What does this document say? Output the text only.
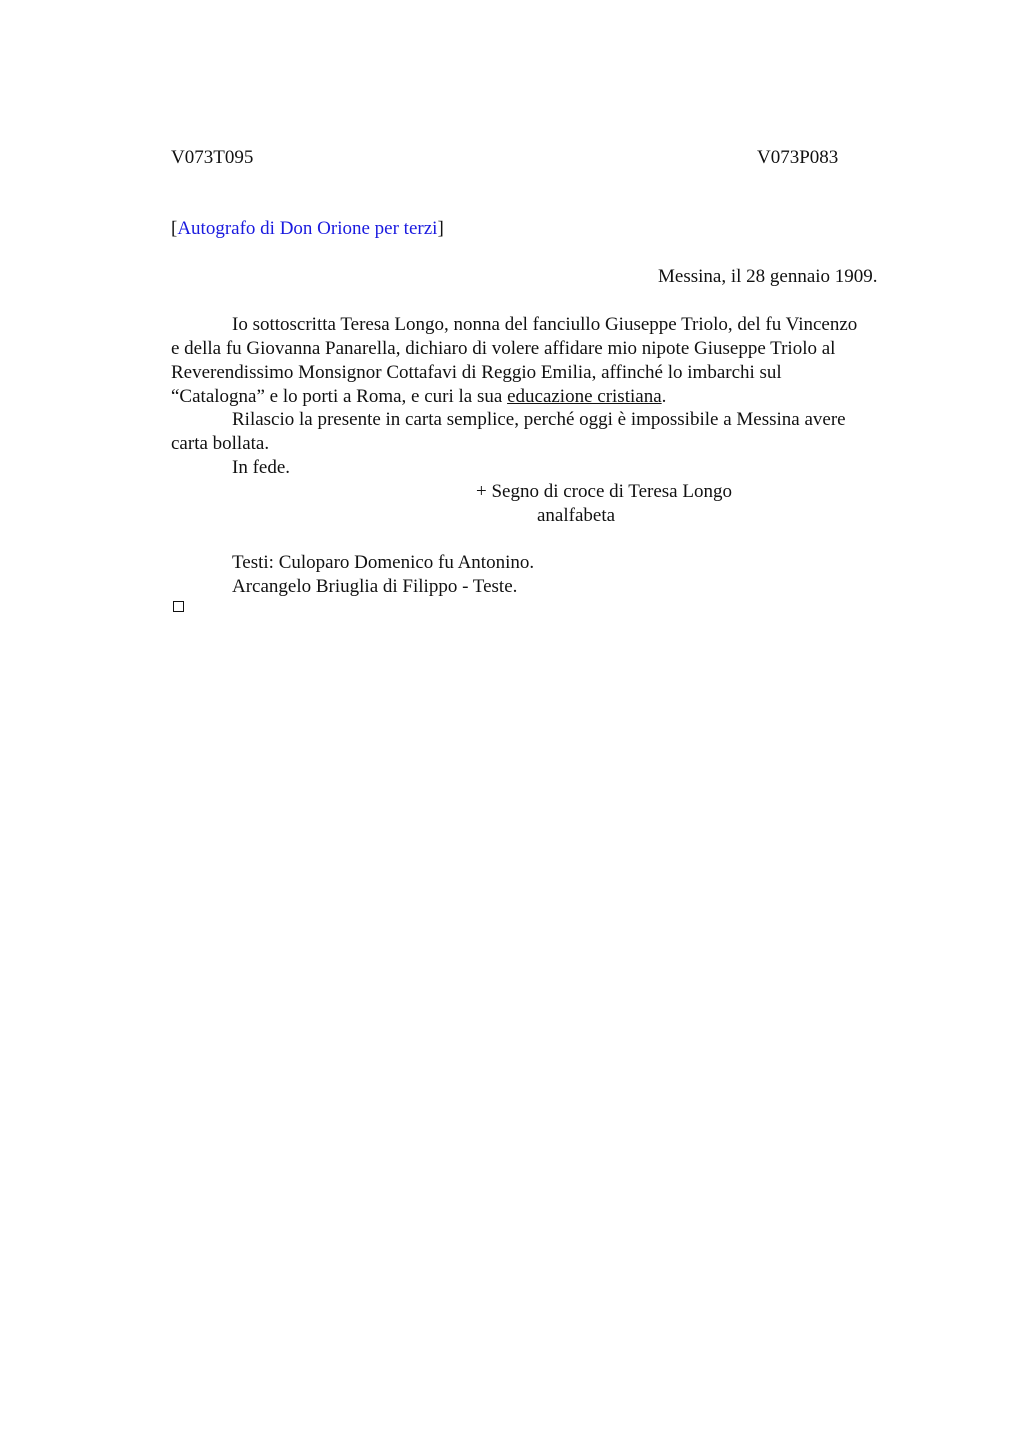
V073T095	V073P083
[Autografo di Don Orione per terzi]
Messina, il 28 gennaio 1909.
Io sottoscritta Teresa Longo, nonna del fanciullo Giuseppe Triolo, del fu Vincenzo
e della fu Giovanna Panarella, dichiaro di volere affidare mio nipote Giuseppe Triolo al
Reverendissimo Monsignor Cottafavi di Reggio Emilia, affinché lo imbarchi sul
“Catalogna” e lo porti a Roma, e curi la sua educazione cristiana.
Rilascio la presente in carta semplice, perché oggi è impossibile a Messina avere
carta bollata.
In fede.
+ Segno di croce di Teresa Longo
analfabeta
Testi: Culoparo Domenico fu Antonino.
Arcangelo Briuglia di Filippo - Teste.
